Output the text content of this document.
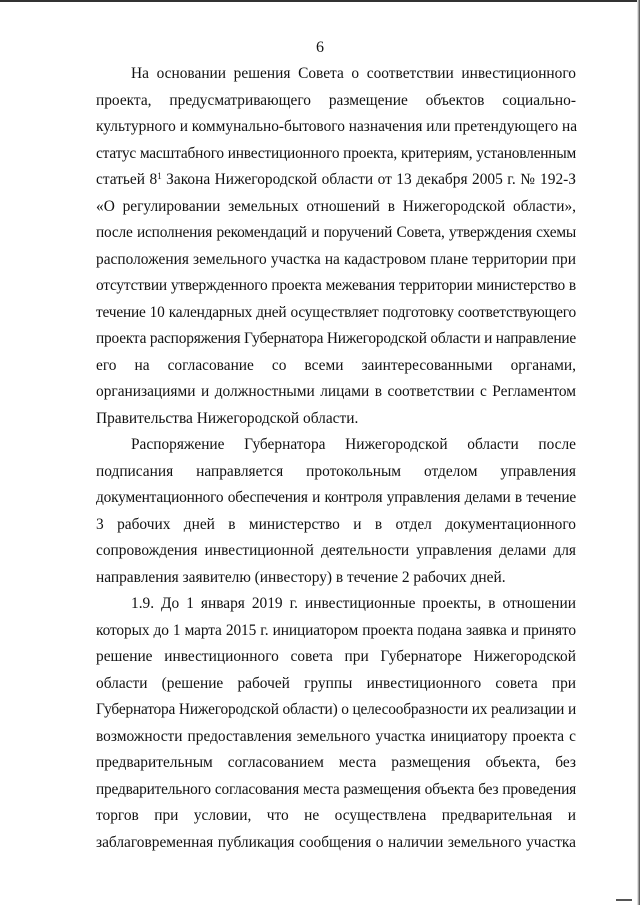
6
На основании решения Совета о соответствии инвестиционного
проекта, предусматривающего размещение объектов социально-
культурного и коммунально-бытового назначения или претендующего на
статус масштабного инвестиционного проекта, критериям, установленным
статьей $8^1$ Закона Нижегородской области от 13 декабря 2005 г. № 192-З
«О регулировании земельных отношений в Нижегородской области»,
после исполнения рекомендаций и поручений Совета, утверждения схемы
расположения земельного участка на кадастровом плане территории при
отсутствии утвержденного проекта межевания территории министерство в
течение 10 календарных дней осуществляет подготовку соответствующего
проекта распоряжения Губернатора Нижегородской области и направление
его на согласование со всеми заинтересованными органами,
организациями и должностными лицами в соответствии с Регламентом
Правительства Нижегородской области.
Распоряжение Губернатора Нижегородской области после
подписания направляется протокольным отделом управления
документационного обеспечения и контроля управления делами в течение
3 рабочих дней в министерство и в отдел документационного
сопровождения инвестиционной деятельности управления делами для
направления заявителю (инвестору) в течение 2 рабочих дней.
1.9. До 1 января 2019 г. инвестиционные проекты, в отношении
которых до 1 марта 2015 г. инициатором проекта подана заявка и принято
решение инвестиционного совета при Губернаторе Нижегородской
области (решение рабочей группы инвестиционного совета при
Губернатора Нижегородской области) о целесообразности их реализации и
возможности предоставления земельного участка инициатору проекта с
предварительным согласованием места размещения объекта, без
предварительного согласования места размещения объекта без проведения
торгов при условии, что не осуществлена предварительная и
заблаговременная публикация сообщения о наличии земельного участка
